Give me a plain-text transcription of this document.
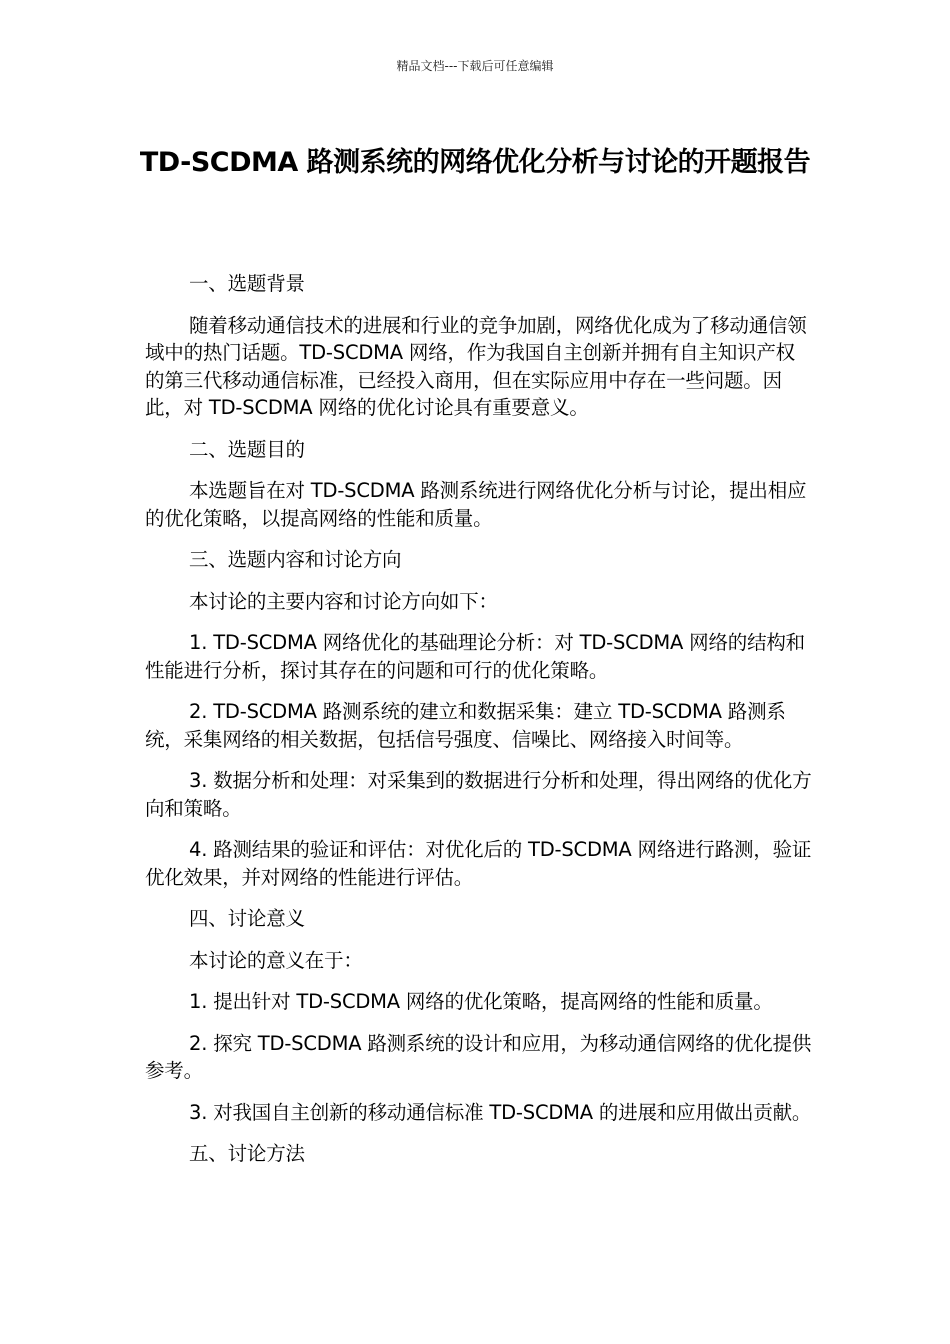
精品文档---下载后可任意编辑
TD-SCDMA 路测系统的网络优化分析与讨论的开题报告

一、选题背景

随着移动通信技术的进展和行业的竞争加剧，网络优化成为了移动通信领域中的热门话题。TD-SCDMA 网络，作为我国自主创新并拥有自主知识产权的第三代移动通信标准，已经投入商用，但在实际应用中存在一些问题。因此，对 TD-SCDMA 网络的优化讨论具有重要意义。

二、选题目的

本选题旨在对 TD-SCDMA 路测系统进行网络优化分析与讨论，提出相应的优化策略，以提高网络的性能和质量。

三、选题内容和讨论方向

本讨论的主要内容和讨论方向如下：

1. TD-SCDMA 网络优化的基础理论分析：对 TD-SCDMA 网络的结构和性能进行分析，探讨其存在的问题和可行的优化策略。

2. TD-SCDMA 路测系统的建立和数据采集：建立 TD-SCDMA 路测系统，采集网络的相关数据，包括信号强度、信噪比、网络接入时间等。

3. 数据分析和处理：对采集到的数据进行分析和处理，得出网络的优化方向和策略。

4. 路测结果的验证和评估：对优化后的 TD-SCDMA 网络进行路测，验证优化效果，并对网络的性能进行评估。

四、讨论意义

本讨论的意义在于：

1. 提出针对 TD-SCDMA 网络的优化策略，提高网络的性能和质量。

2. 探究 TD-SCDMA 路测系统的设计和应用，为移动通信网络的优化提供参考。

3. 对我国自主创新的移动通信标准 TD-SCDMA 的进展和应用做出贡献。

五、讨论方法
